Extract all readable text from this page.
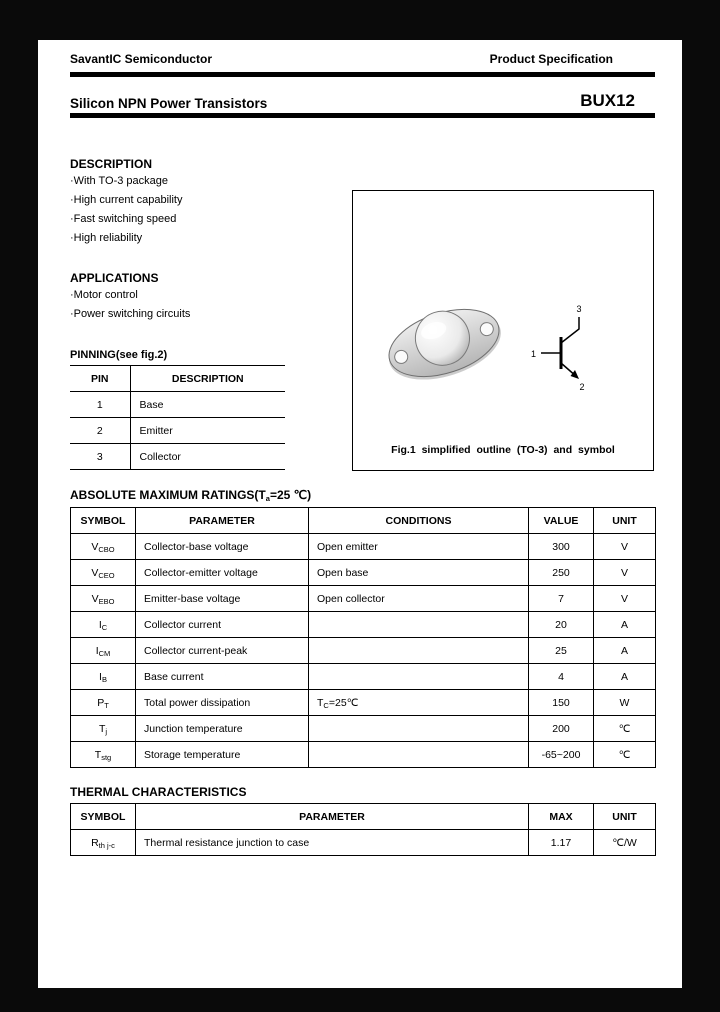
SavantIC Semiconductor	Product Specification
Silicon NPN Power Transistors	BUX12
DESCRIPTION
·With TO-3 package
·High current capability
·Fast switching speed
·High reliability
APPLICATIONS
·Motor control
·Power switching circuits
PINNING(see fig.2)
PIN	DESCRIPTION
1	Base
2	Emitter
3	Collector
1
2
3
Fig.1 simplified outline (TO-3) and symbol
ABSOLUTE MAXIMUM $RATINGS(T_a=25$ ℃)
SYMBOL	PARAMETER	CONDITIONS	VALUE	UNIT
$V_{CBO}$	Collector-base voltage	Open emitter	300	V
$V_{CEO}$	Collector-emitter voltage	Open base	250	V
$V_{EBO}$	Emitter-base voltage	Open collector	7	V
$I_C$	Collector current		20	A
$I_{CM}$	Collector current-peak		25	A
$I_B$	Base current		4	A
$P_T$	Total power dissipation	$T_C=25℃$	150	W
$T_j$	Junction temperature		200	℃
$T_{stg}$	Storage temperature		-65~200	℃
THERMAL CHARACTERISTICS
SYMBOL	PARAMETER	MAX	UNIT
$R_{th j-c}$	Thermal resistance junction to case	1.17	℃/W
